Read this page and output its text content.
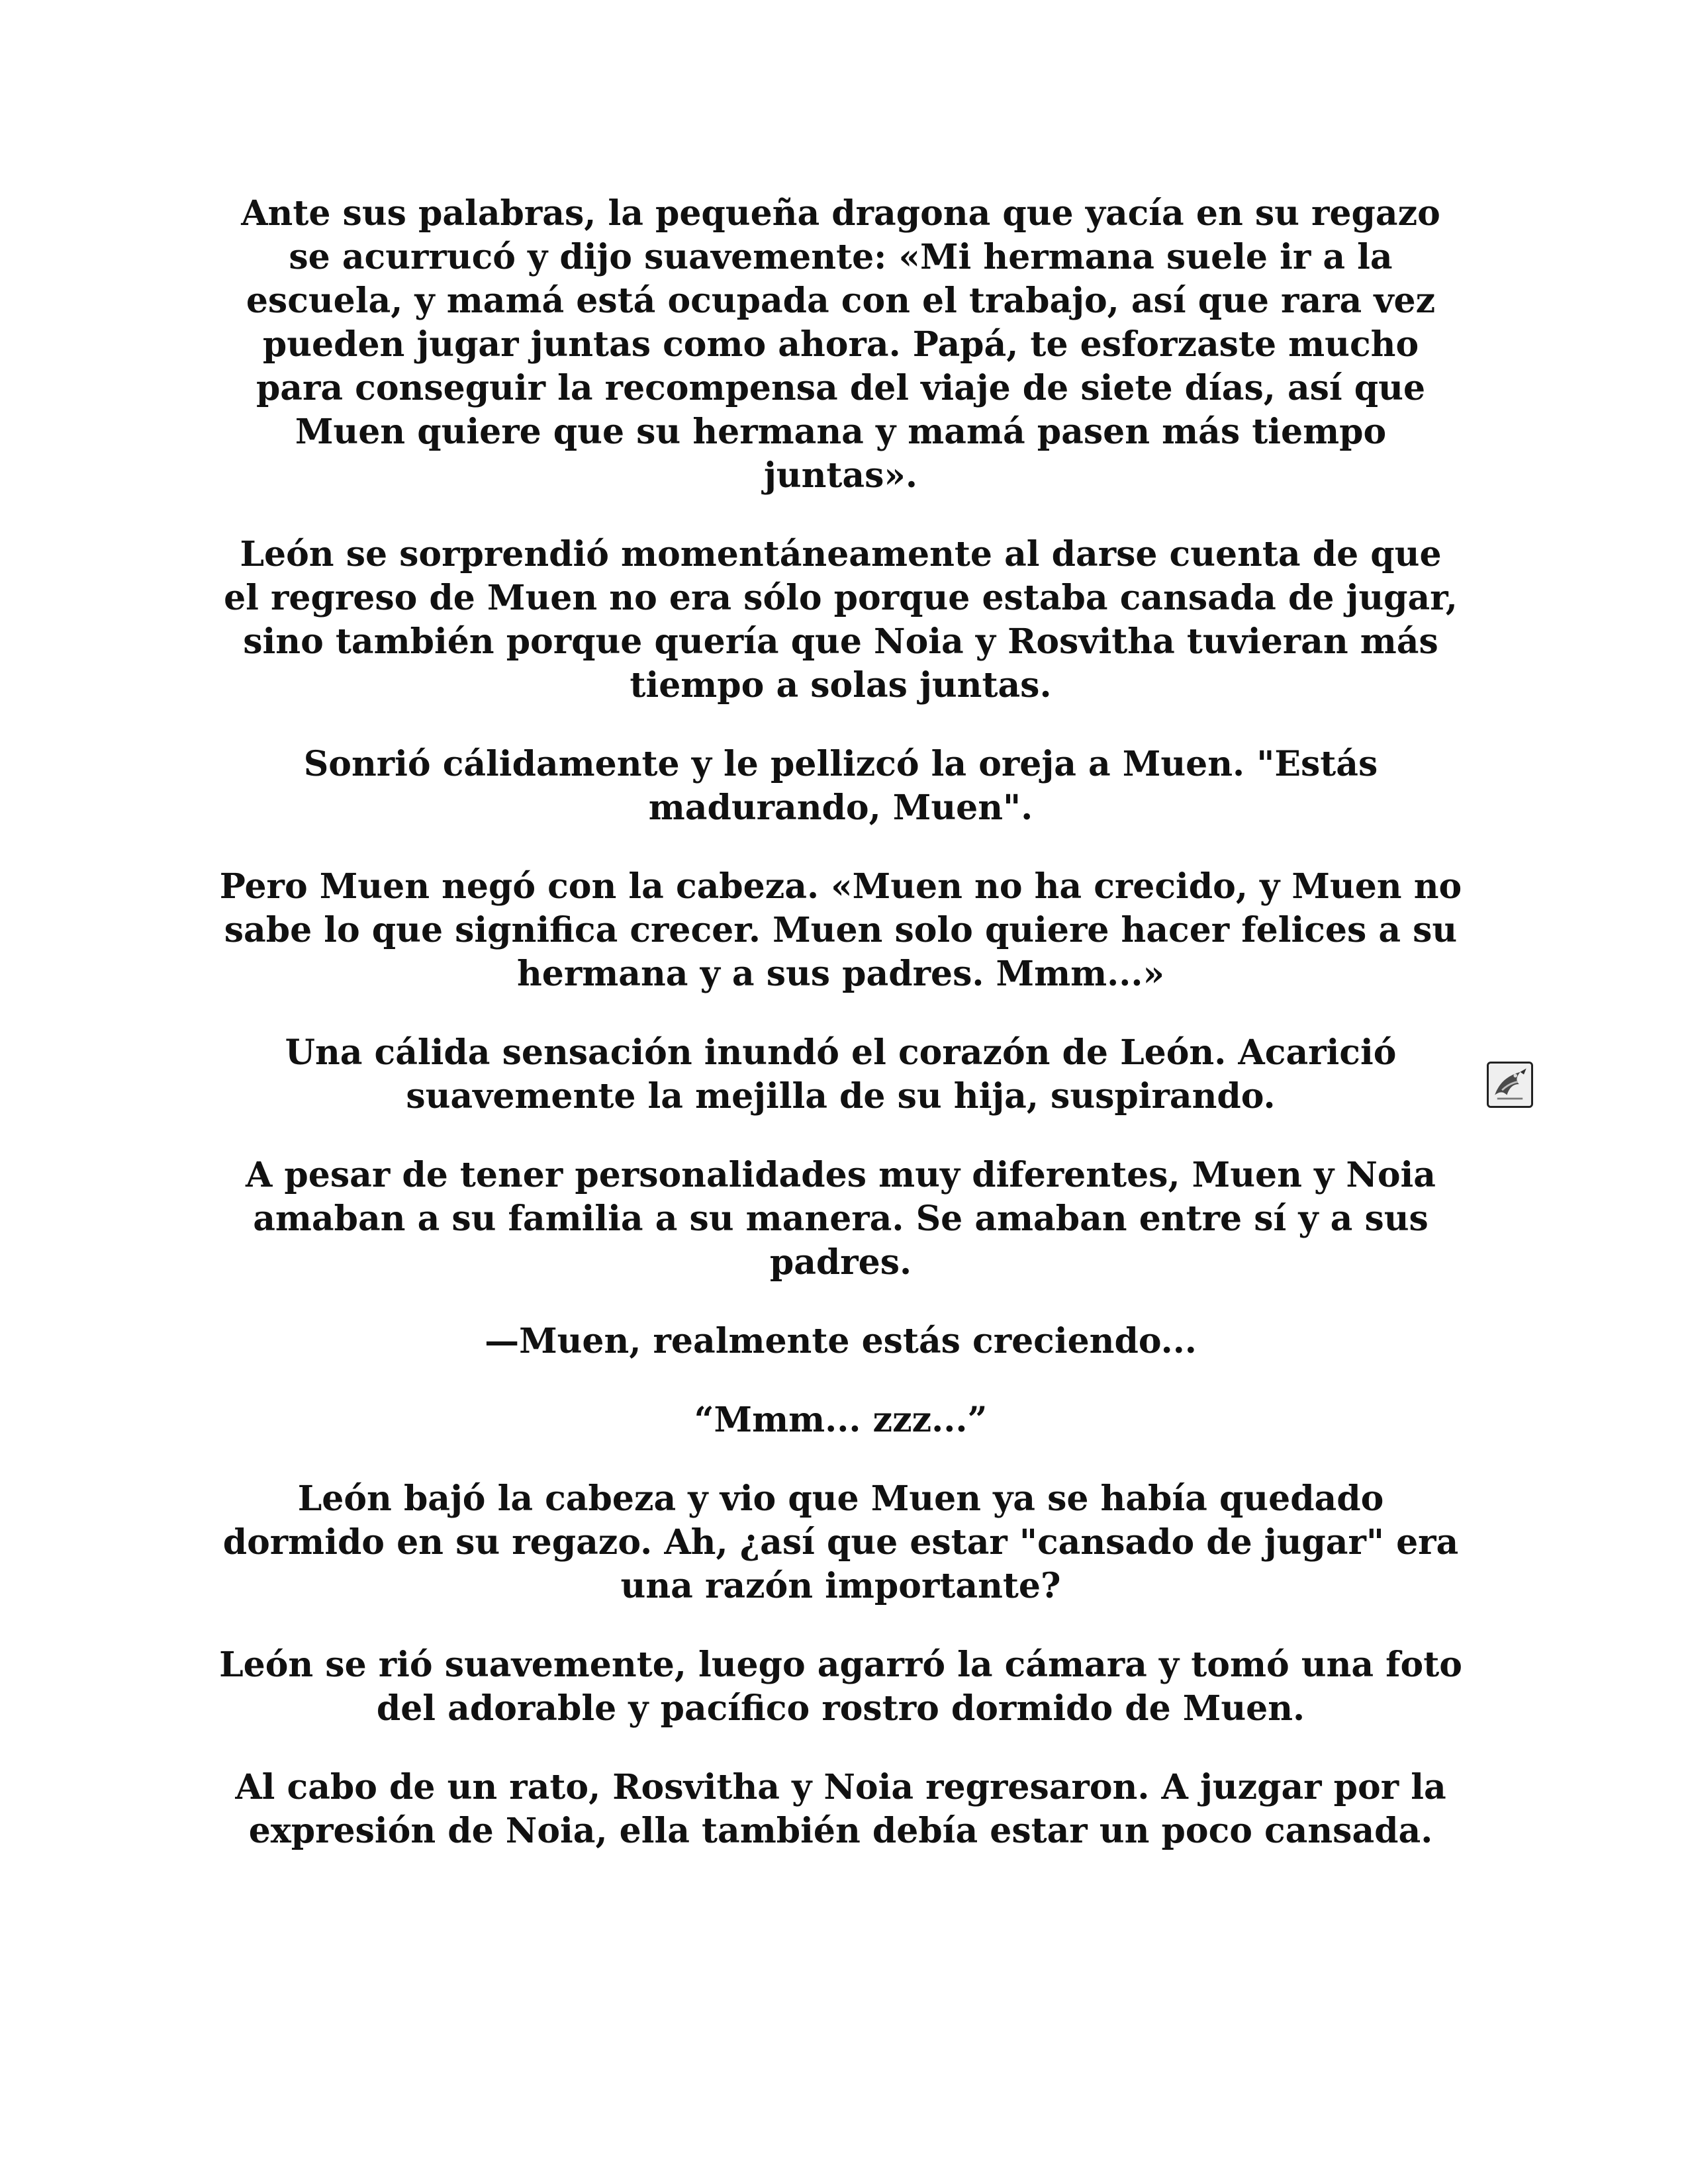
Ante sus palabras, la pequeña dragona que yacía en su regazo se acurrucó y dijo suavemente: «Mi hermana suele ir a la escuela, y mamá está ocupada con el trabajo, así que rara vez pueden jugar juntas como ahora. Papá, te esforzaste mucho para conseguir la recompensa del viaje de siete días, así que Muen quiere que su hermana y mamá pasen más tiempo juntas».

León se sorprendió momentáneamente al darse cuenta de que el regreso de Muen no era sólo porque estaba cansada de jugar, sino también porque quería que Noia y Rosvitha tuvieran más tiempo a solas juntas.

Sonrió cálidamente y le pellizcó la oreja a Muen. "Estás madurando, Muen".

Pero Muen negó con la cabeza. «Muen no ha crecido, y Muen no sabe lo que significa crecer. Muen solo quiere hacer felices a su hermana y a sus padres. Mmm...»

Una cálida sensación inundó el corazón de León. Acarició suavemente la mejilla de su hija, suspirando.

A pesar de tener personalidades muy diferentes, Muen y Noia amaban a su familia a su manera. Se amaban entre sí y a sus padres.

—Muen, realmente estás creciendo...

“Mmm... zzz...”

León bajó la cabeza y vio que Muen ya se había quedado dormido en su regazo. Ah, ¿así que estar "cansado de jugar" era una razón importante?

León se rió suavemente, luego agarró la cámara y tomó una foto del adorable y pacífico rostro dormido de Muen.

Al cabo de un rato, Rosvitha y Noia regresaron. A juzgar por la expresión de Noia, ella también debía estar un poco cansada.
